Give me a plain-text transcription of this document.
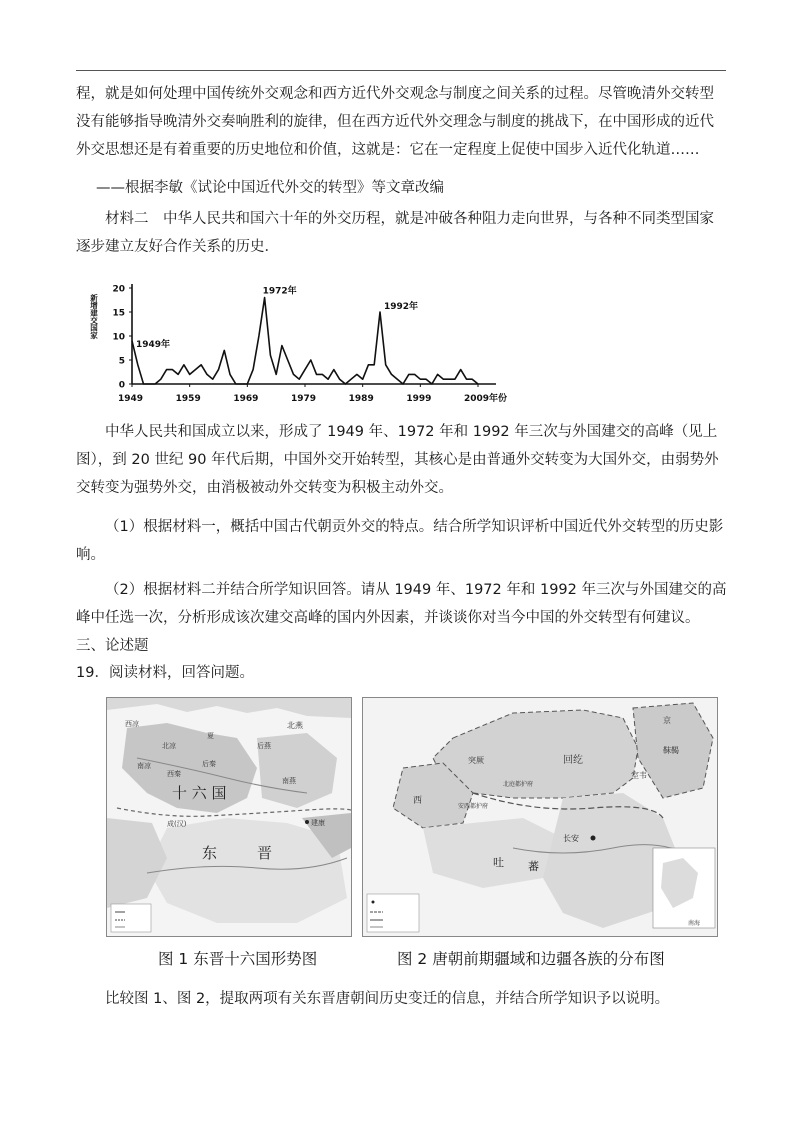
程，就是如何处理中国传统外交观念和西方近代外交观念与制度之间关系的过程。尽管晚清外交转型没有能够指导晚清外交奏响胜利的旋律，但在西方近代外交理念与制度的挑战下，在中国形成的近代外交思想还是有着重要的历史地位和价值，这就是：它在一定程度上促使中国步入近代化轨道……

——根据李敏《试论中国近代外交的转型》等文章改编

材料二　中华人民共和国六十年的外交历程，就是冲破各种阻力走向世界，与各种不同类型国家逐步建立友好合作关系的历史．

新增建交国家
0
5
10
15
20
1949	1959	1969	1979	1989	1999	2009年份
1949年
1972年
1992年

中华人民共和国成立以来，形成了 1949 年、1972 年和 1992 年三次与外国建交的高峰（见上图），到 20 世纪 90 年代后期，中国外交开始转型，其核心是由普通外交转变为大国外交，由弱势外交转变为强势外交，由消极被动外交转变为积极主动外交。

（1）根据材料一，概括中国古代朝贡外交的特点。结合所学知识评析中国近代外交转型的历史影响。

（2）根据材料二并结合所学知识回答。请从 1949 年、1972 年和 1992 年三次与外国建交的高峰中任选一次，分析形成该次建交高峰的国内外因素，并谈谈你对当今中国的外交转型有何建议。

三、论述题

19．阅读材料，回答问题。

北燕
西凉
北凉
南凉
西秦
后秦
夏
后燕
南燕
十 六 国
成(汉)	建康
东	晋
南海
突厥
西
回纥
北庭都护府
安西都护府
吐 蕃
长安
京
靺鞨
室韦
图 1 东晋十六国形势图	图 2 唐朝前期疆域和边疆各族的分布图

比较图 1、图 2，提取两项有关东晋唐朝间历史变迁的信息，并结合所学知识予以说明。
